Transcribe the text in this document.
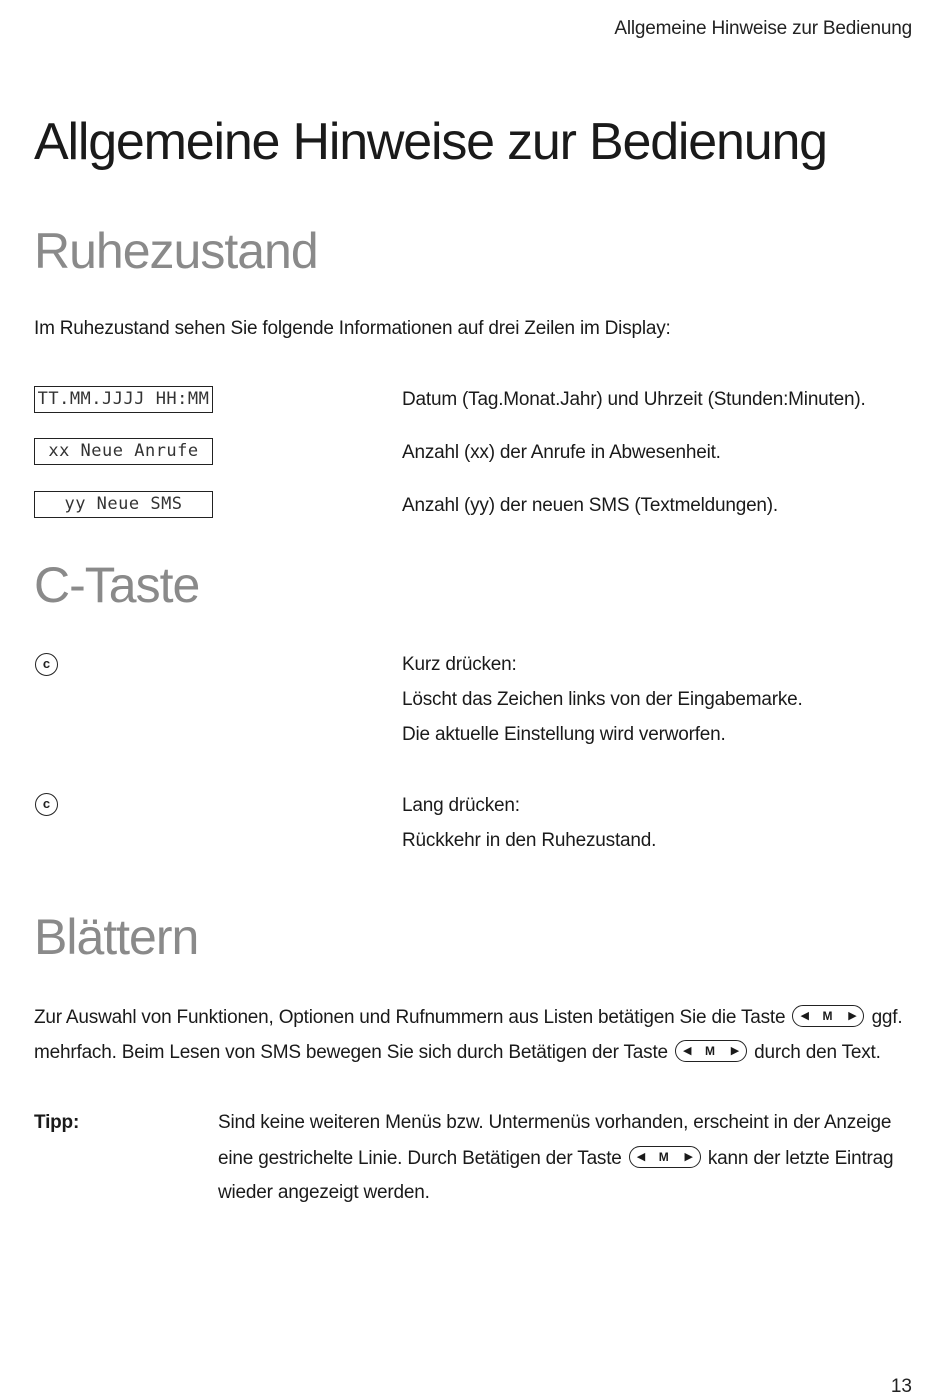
Allgemeine Hinweise zur Bedienung
Allgemeine Hinweise zur Bedienung
Ruhezustand
Im Ruhezustand sehen Sie folgende Informationen auf drei Zeilen im Display:
TT.MM.JJJJ HH:MM	Datum (Tag.Monat.Jahr) und Uhrzeit (Stunden:Minuten).
xx Neue Anrufe	Anzahl (xx) der Anrufe in Abwesenheit.
yy Neue SMS	Anzahl (yy) der neuen SMS (Textmeldungen).
C-Taste
c	Kurz drücken:
Löscht das Zeichen links von der Eingabemarke.
Die aktuelle Einstellung wird verworfen.
c	Lang drücken:
Rückkehr in den Ruhezustand.
Blättern
Zur Auswahl von Funktionen, Optionen und Rufnummern aus Listen betätigen Sie die Taste ◀ M ▶ ggf.
mehrfach. Beim Lesen von SMS bewegen Sie sich durch Betätigen der Taste ◀ M ▶ durch den Text.
Tipp:	Sind keine weiteren Menüs bzw. Untermenüs vorhanden, erscheint in der Anzeige
eine gestrichelte Linie. Durch Betätigen der Taste ◀ M ▶ kann der letzte Eintrag
wieder angezeigt werden.
13
